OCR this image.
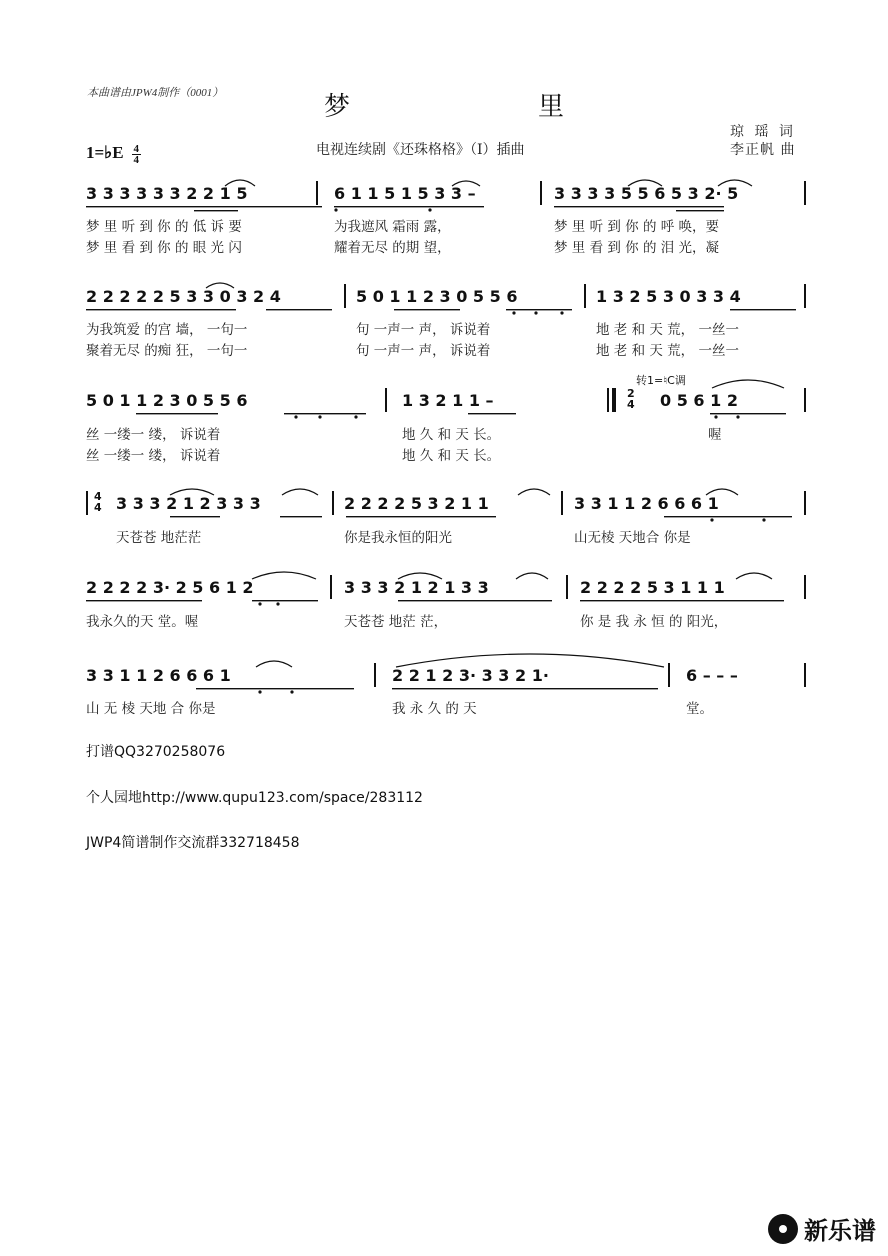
本曲谱由JPW4制作（0001）	梦	里
1=♭E $\frac{4}{4}$	电视连续剧《还珠格格》（I）插曲
琼 瑶 词
李正帆 曲
3 3 3 3 3 3 2 2 1 5	6 1 1 5 1 5 3 3 –	3 3 3 3 5 5 6 5 3 2· 5
梦 里 听 到 你 的 低 诉 要	为我遮风 霜雨 露，	梦 里 听 到 你 的 呼 唤，要
梦 里 看 到 你 的 眼 光 闪	耀着无尽 的期 望，	梦 里 看 到 你 的 泪 光，凝
2 2 2 2 2 5 3 3 0 3 2 4	5 0 1 1 2 3 0 5 5 6	1 3 2 5 3 0 3 3 4
为我筑爱 的宫 墙， 一句一	句 一声一 声， 诉说着	地 老 和 天 荒， 一丝一
聚着无尽 的痴 狂， 一句一	句 一声一 声， 诉说着	地 老 和 天 荒， 一丝一
转1=♮C调
5 0 1 1 2 3 0 5 5 6	1 3 2 1 1 –	0 5 6 1 2
2
4
丝 一缕一 缕， 诉说着	地 久 和 天 长。	喔
丝 一缕一 缕， 诉说着	地 久 和 天 长。
4
4 3 3 3 2 1 2 3 3 3	2 2 2 2 5 3 2 1 1	3 3 1 1 2 6 6 6 1
天苍苍 地茫茫	你是我永恒的阳光	山无棱 天地合 你是
2 2 2 2 3· 2 5 6 1 2	3 3 3 2 1 2 1 3 3	2 2 2 2 5 3 1 1 1
我永久的天 堂。喔	天苍苍 地茫 茫，	你 是 我 永 恒 的 阳光，
3 3 1 1 2 6 6 6 1	2 2 1 2 3· 3 3 2 1·	6 – – –
山 无 棱 天地 合 你是	我 永 久 的 天	堂。
打谱QQ3270258076
个人园地http://www.qupu123.com/space/283112
JWP4简谱制作交流群332718458
新乐谱
